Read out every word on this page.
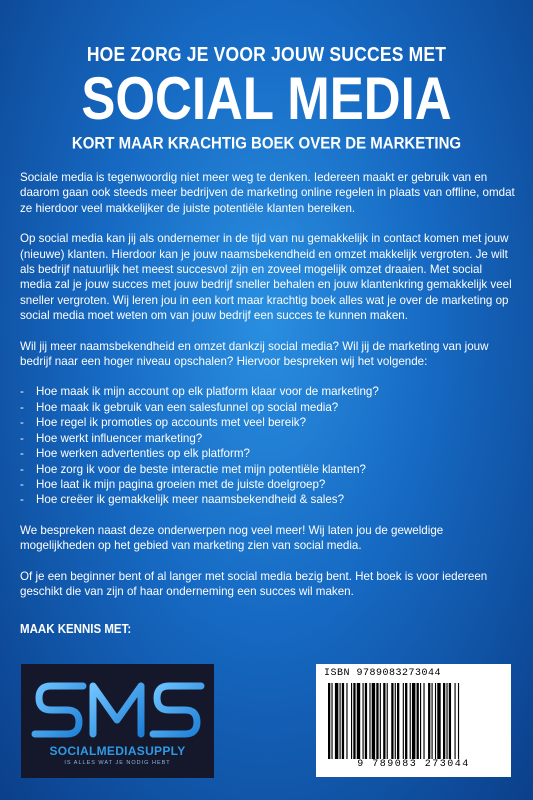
HOE ZORG JE VOOR JOUW SUCCES MET
SOCIAL MEDIA
KORT MAAR KRACHTIG BOEK OVER DE MARKETING

Sociale media is tegenwoordig niet meer weg te denken. Iedereen maakt er gebruik van en daarom gaan ook steeds meer bedrijven de marketing online regelen in plaats van offline, omdat ze hierdoor veel makkelijker de juiste potentiële klanten bereiken.

Op social media kan jij als ondernemer in de tijd van nu gemakkelijk in contact komen met jouw (nieuwe) klanten. Hierdoor kan je jouw naamsbekendheid en omzet makkelijk vergroten. Je wilt als bedrijf natuurlijk het meest succesvol zijn en zoveel mogelijk omzet draaien. Met social media zal je jouw succes met jouw bedrijf sneller behalen en jouw klantenkring gemakkelijk veel sneller vergroten. Wij leren jou in een kort maar krachtig boek alles wat je over de marketing op social media moet weten om van jouw bedrijf een succes te kunnen maken.

Wil jij meer naamsbekendheid en omzet dankzij social media? Wil jij de marketing van jouw bedrijf naar een hoger niveau opschalen? Hiervoor bespreken wij het volgende:

- Hoe maak ik mijn account op elk platform klaar voor de marketing?
- Hoe maak ik gebruik van een salesfunnel op social media?
- Hoe regel ik promoties op accounts met veel bereik?
- Hoe werkt influencer marketing?
- Hoe werken advertenties op elk platform?
- Hoe zorg ik voor de beste interactie met mijn potentiële klanten?
- Hoe laat ik mijn pagina groeien met de juiste doelgroep?
- Hoe creëer ik gemakkelijk meer naamsbekendheid & sales?

We bespreken naast deze onderwerpen nog veel meer! Wij laten jou de geweldige mogelijkheden op het gebied van marketing zien van social media.

Of je een beginner bent of al langer met social media bezig bent. Het boek is voor iedereen geschikt die van zijn of haar onderneming een succes wil maken.

MAAK KENNIS MET:
SOCIALMEDIASUPPLY
IS ALLES WAT JE NODIG HEBT
ISBN 9789083273044
9 789083 273044
